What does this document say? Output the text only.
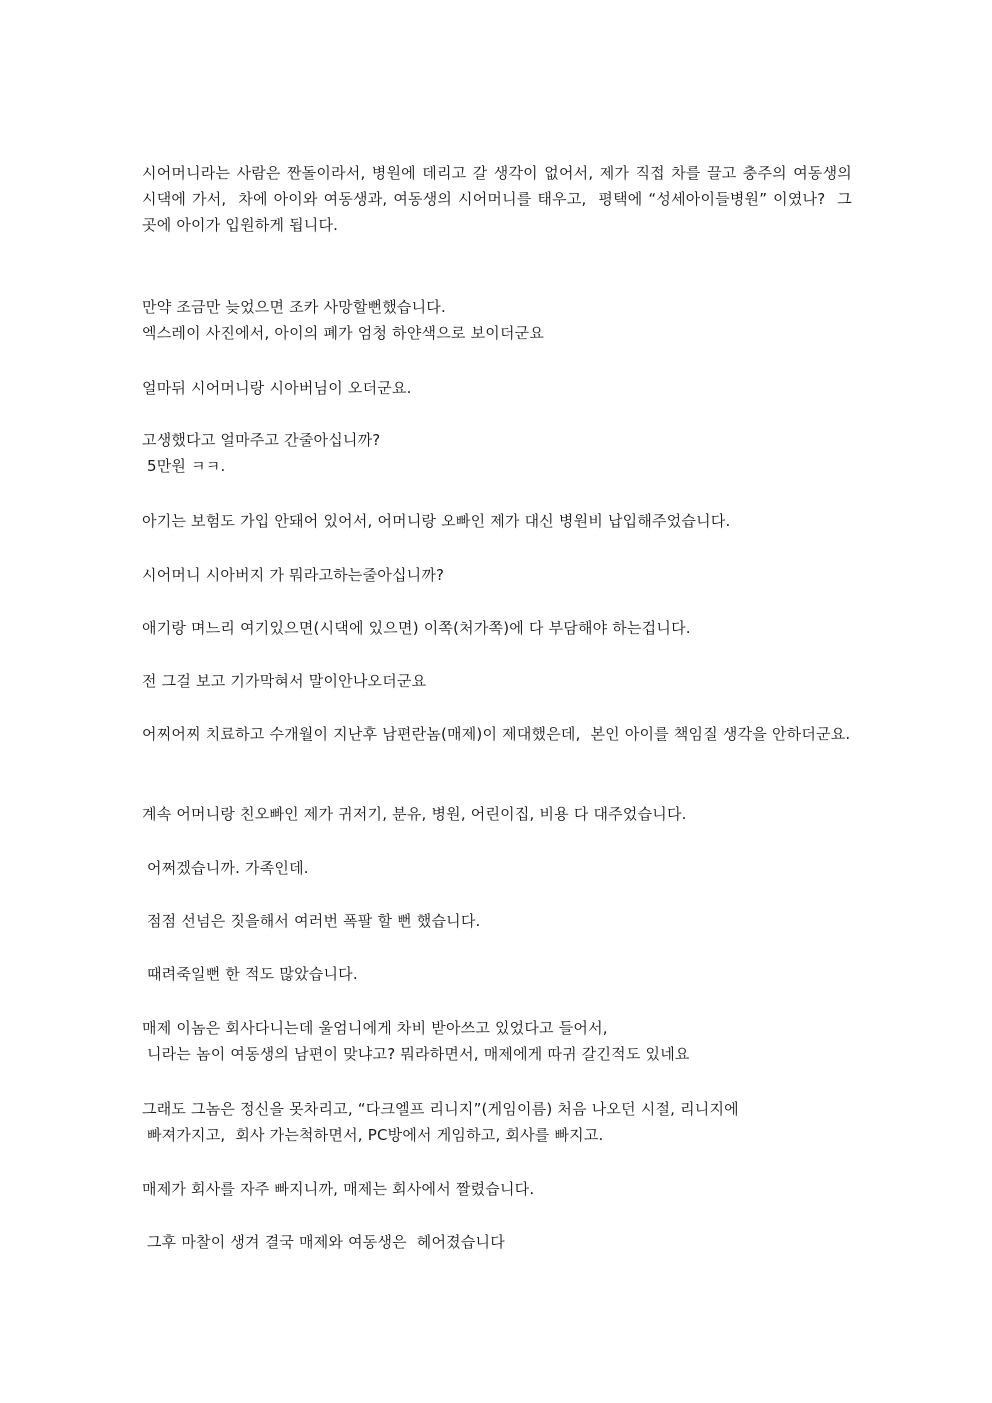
시어머니라는 사람은 짠돌이라서, 병원에 데리고 갈 생각이 없어서, 제가 직접 차를 끌고 충주의 여동생의 시댁에 가서,  차에 아이와 여동생과, 여동생의 시어머니를 태우고,  평택에 “성세아이들병원” 이였나?  그곳에 아이가 입원하게 됩니다.

만약 조금만 늦었으면 조카 사망할뻔했습니다.
엑스레이 사진에서, 아이의 폐가 엄청 하얀색으로 보이더군요

얼마뒤 시어머니랑 시아버님이 오더군요.

고생했다고 얼마주고 간줄아십니까?
5만원 ㅋㅋ.

아기는 보험도 가입 안돼어 있어서, 어머니랑 오빠인 제가 대신 병원비 납입해주었습니다.

시어머니 시아버지 가 뭐라고하는줄아십니까?

애기랑 며느리 여기있으면(시댁에 있으면) 이쪽(처가쪽)에 다 부담해야 하는겁니다.

전 그걸 보고 기가막혀서 말이안나오더군요

어찌어찌 치료하고 수개월이 지난후 남편란놈(매제)이 제대했은데,  본인 아이를 책임질 생각을 안하더군요.

계속 어머니랑 친오빠인 제가 귀저기, 분유, 병원, 어린이집, 비용 다 대주었습니다.

어쩌겠습니까. 가족인데.

점점 선넘은 짓을해서 여러번 폭팔 할 뻔 했습니다.

때려죽일뻔 한 적도 많았습니다.

매제 이놈은 회사다니는데 울엄니에게 차비 받아쓰고 있었다고 들어서,
니라는 놈이 여동생의 남편이 맞냐고? 뭐라하면서, 매제에게 따귀 갈긴적도 있네요

그래도 그놈은 정신을 못차리고, “다크엘프 리니지”(게임이름) 처음 나오던 시절, 리니지에
빠져가지고,  회사 가는척하면서, PC방에서 게임하고, 회사를 빠지고.

매제가 회사를 자주 빠지니까, 매제는 회사에서 짤렸습니다.

그후 마찰이 생겨 결국 매제와 여동생은  헤어졌습니다
